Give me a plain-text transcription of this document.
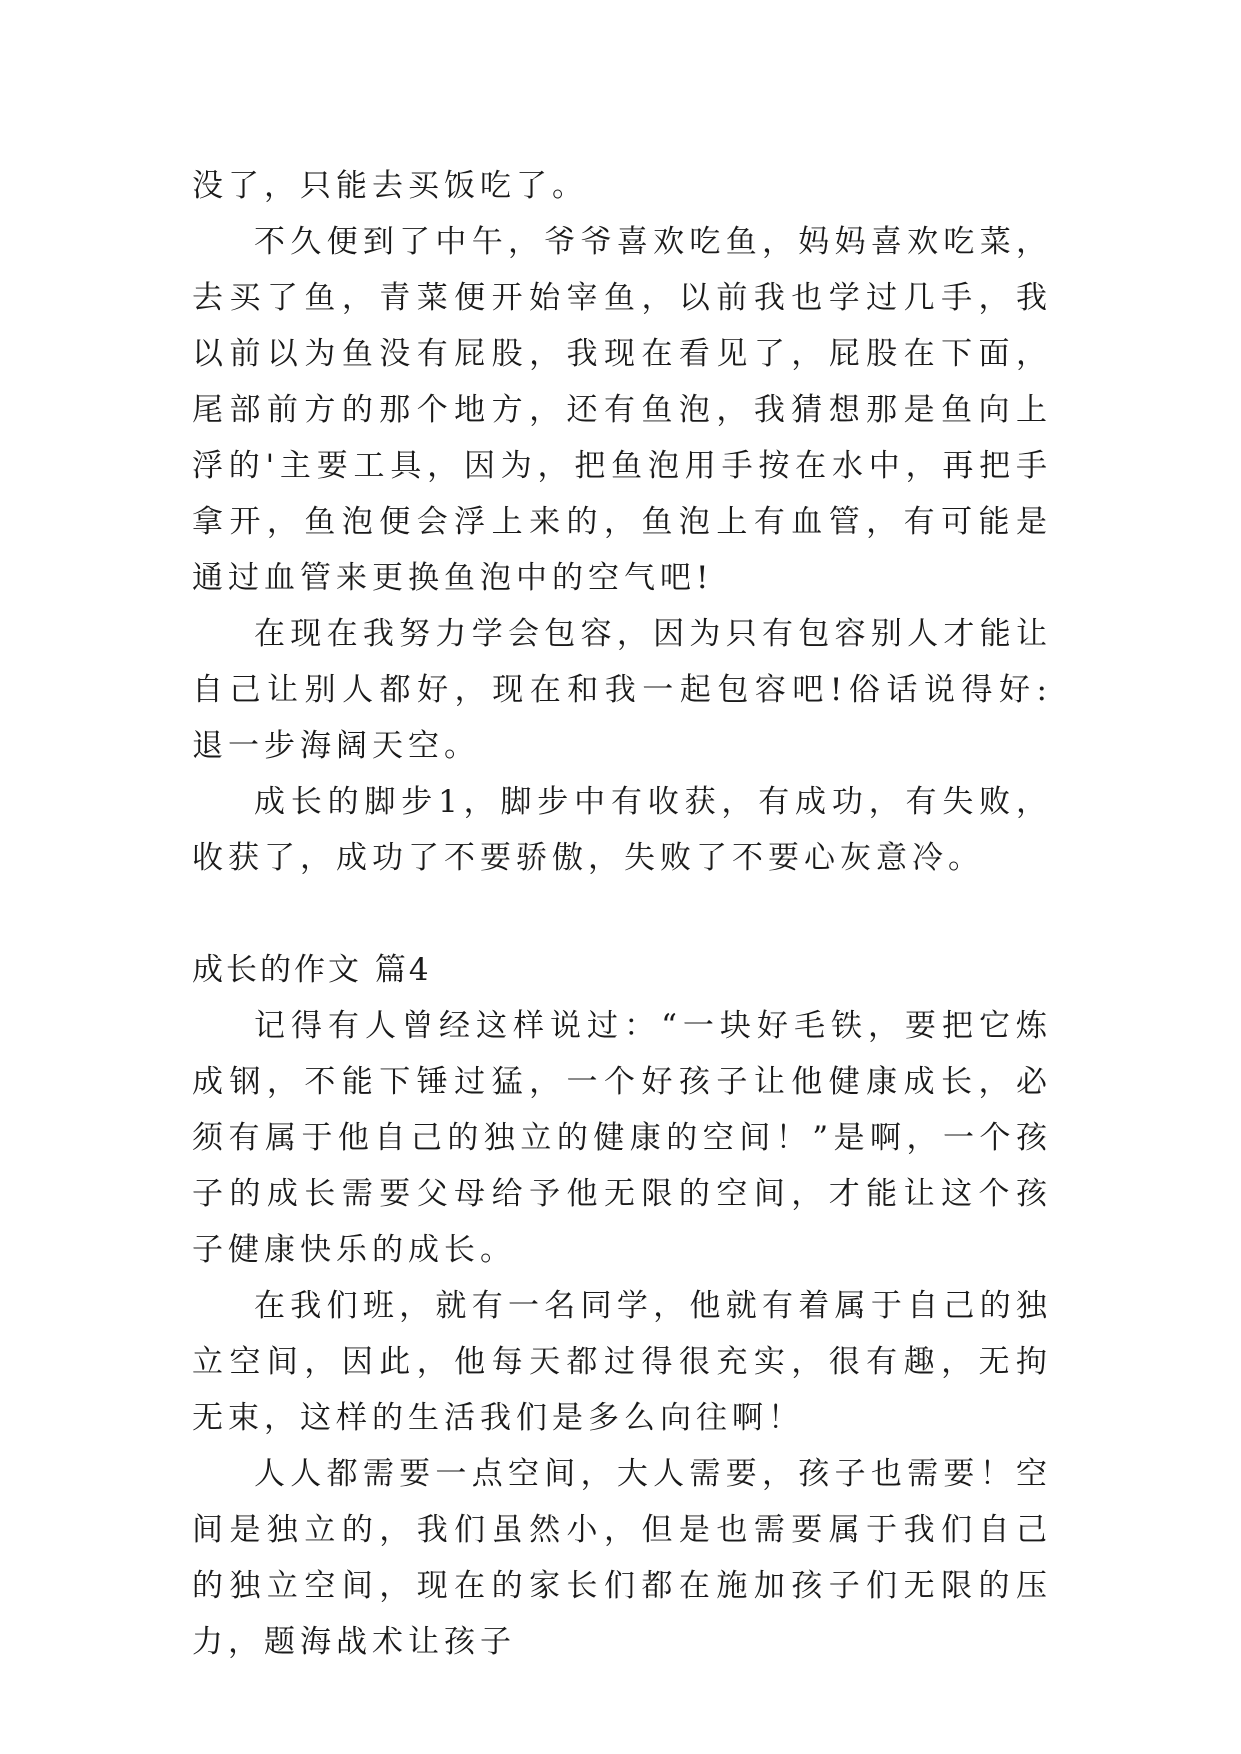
没了，只能去买饭吃了。

不久便到了中午，爷爷喜欢吃鱼，妈妈喜欢吃菜，去买了鱼，青菜便开始宰鱼，以前我也学过几手，我以前以为鱼没有屁股，我现在看见了，屁股在下面，尾部前方的那个地方，还有鱼泡，我猜想那是鱼向上浮的'主要工具，因为，把鱼泡用手按在水中，再把手拿开，鱼泡便会浮上来的，鱼泡上有血管，有可能是通过血管来更换鱼泡中的空气吧!

在现在我努力学会包容，因为只有包容别人才能让自己让别人都好，现在和我一起包容吧!俗话说得好:退一步海阔天空。

成长的脚步1，脚步中有收获，有成功，有失败，收获了，成功了不要骄傲，失败了不要心灰意冷。

成长的作文 篇4

记得有人曾经这样说过：“一块好毛铁，要把它炼成钢，不能下锤过猛，一个好孩子让他健康成长，必须有属于他自己的独立的健康的空间！”是啊，一个孩子的成长需要父母给予他无限的空间，才能让这个孩子健康快乐的成长。

在我们班，就有一名同学，他就有着属于自己的独立空间，因此，他每天都过得很充实，很有趣，无拘无束，这样的生活我们是多么向往啊！

人人都需要一点空间，大人需要，孩子也需要！空间是独立的，我们虽然小，但是也需要属于我们自己的独立空间，现在的家长们都在施加孩子们无限的压力，题海战术让孩子
